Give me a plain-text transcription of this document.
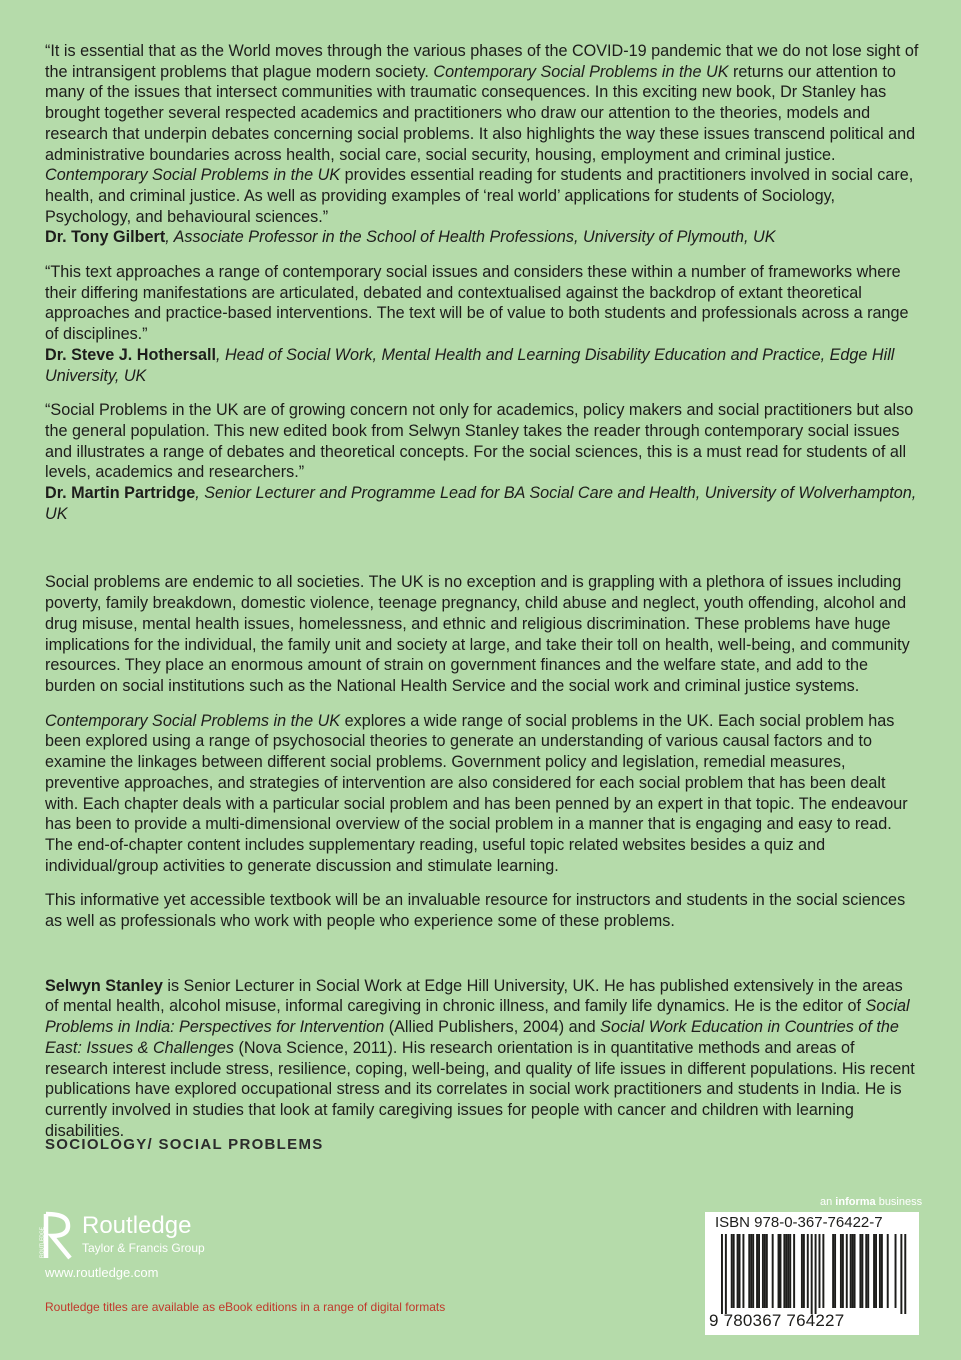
“It is essential that as the World moves through the various phases of the COVID-19 pandemic that we do not lose sight of the intransigent problems that plague modern society. Contemporary Social Problems in the UK returns our attention to many of the issues that intersect communities with traumatic consequences. In this exciting new book, Dr Stanley has brought together several respected academics and practitioners who draw our attention to the theories, models and research that underpin debates concerning social problems. It also highlights the way these issues transcend political and administrative boundaries across health, social care, social security, housing, employment and criminal justice. Contemporary Social Problems in the UK provides essential reading for students and practitioners involved in social care, health, and criminal justice. As well as providing examples of ‘real world’ applications for students of Sociology, Psychology, and behavioural sciences.”

Dr. Tony Gilbert, Associate Professor in the School of Health Professions, University of Plymouth, UK

“This text approaches a range of contemporary social issues and considers these within a number of frameworks where their differing manifestations are articulated, debated and contextualised against the backdrop of extant theoretical approaches and practice-based interventions. The text will be of value to both students and professionals across a range of disciplines.”

Dr. Steve J. Hothersall, Head of Social Work, Mental Health and Learning Disability Education and Practice, Edge Hill University, UK

“Social Problems in the UK are of growing concern not only for academics, policy makers and social practitioners but also the general population. This new edited book from Selwyn Stanley takes the reader through contemporary social issues and illustrates a range of debates and theoretical concepts. For the social sciences, this is a must read for students of all levels, academics and researchers.”

Dr. Martin Partridge, Senior Lecturer and Programme Lead for BA Social Care and Health, University of Wolverhampton, UK

Social problems are endemic to all societies. The UK is no exception and is grappling with a plethora of issues including poverty, family breakdown, domestic violence, teenage pregnancy, child abuse and neglect, youth offending, alcohol and drug misuse, mental health issues, homelessness, and ethnic and religious discrimination. These problems have huge implications for the individual, the family unit and society at large, and take their toll on health, well-being, and community resources. They place an enormous amount of strain on government finances and the welfare state, and add to the burden on social institutions such as the National Health Service and the social work and criminal justice systems.

Contemporary Social Problems in the UK explores a wide range of social problems in the UK. Each social problem has been explored using a range of psychosocial theories to generate an understanding of various causal factors and to examine the linkages between different social problems. Government policy and legislation, remedial measures, preventive approaches, and strategies of intervention are also considered for each social problem that has been dealt with. Each chapter deals with a particular social problem and has been penned by an expert in that topic. The endeavour has been to provide a multi-dimensional overview of the social problem in a manner that is engaging and easy to read. The end-of-chapter content includes supplementary reading, useful topic related websites besides a quiz and individual/group activities to generate discussion and stimulate learning.

This informative yet accessible textbook will be an invaluable resource for instructors and students in the social sciences as well as professionals who work with people who experience some of these problems.

Selwyn Stanley is Senior Lecturer in Social Work at Edge Hill University, UK. He has published extensively in the areas of mental health, alcohol misuse, informal caregiving in chronic illness, and family life dynamics. He is the editor of Social Problems in India: Perspectives for Intervention (Allied Publishers, 2004) and Social Work Education in Countries of the East: Issues & Challenges (Nova Science, 2011). His research orientation is in quantitative methods and areas of research interest include stress, resilience, coping, well-being, and quality of life issues in different populations. His recent publications have explored occupational stress and its correlates in social work practitioners and students in India. He is currently involved in studies that look at family caregiving issues for people with cancer and children with learning disabilities.

SOCIOLOGY/ SOCIAL PROBLEMS
ROUTLEDGE
Routledge
Taylor & Francis Group
www.routledge.com
Routledge titles are available as eBook editions in a range of digital formats
an informa business
ISBN 978-0-367-76422-7
9 780367 764227
